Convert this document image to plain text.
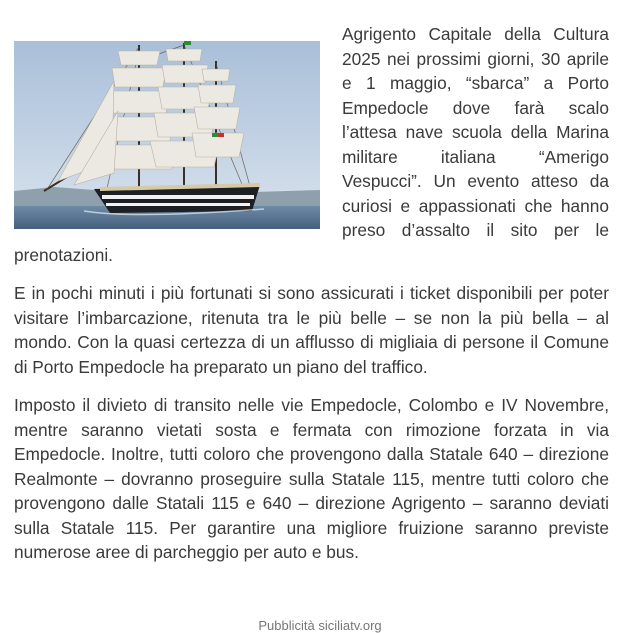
Agrigento Capitale della Cultura 2025 nei prossimi giorni, 30 aprile e 1 maggio, “sbarca” a Porto Empedocle dove farà scalo l’attesa nave scuola della Marina militare italiana “Amerigo Vespucci”. Un evento atteso da curiosi e appassionati che hanno preso d’assalto il sito per le prenotazioni.

E in pochi minuti i più fortunati si sono assicurati i ticket disponibili per poter visitare l’imbarcazione, ritenuta tra le più belle – se non la più bella – al mondo. Con la quasi certezza di un afflusso di migliaia di persone il Comune di Porto Empedocle ha preparato un piano del traffico.

Imposto il divieto di transito nelle vie Empedocle, Colombo e IV Novembre, mentre saranno vietati sosta e fermata con rimozione forzata in via Empedocle. Inoltre, tutti coloro che provengono dalla Statale 640 – direzione Realmonte – dovranno proseguire sulla Statale 115, mentre tutti coloro che provengono dalle Statali 115 e 640 – direzione Agrigento – saranno deviati sulla Statale 115. Per garantire una migliore fruizione saranno previste numerose aree di parcheggio per auto e bus.

Pubblicità siciliatv.org
